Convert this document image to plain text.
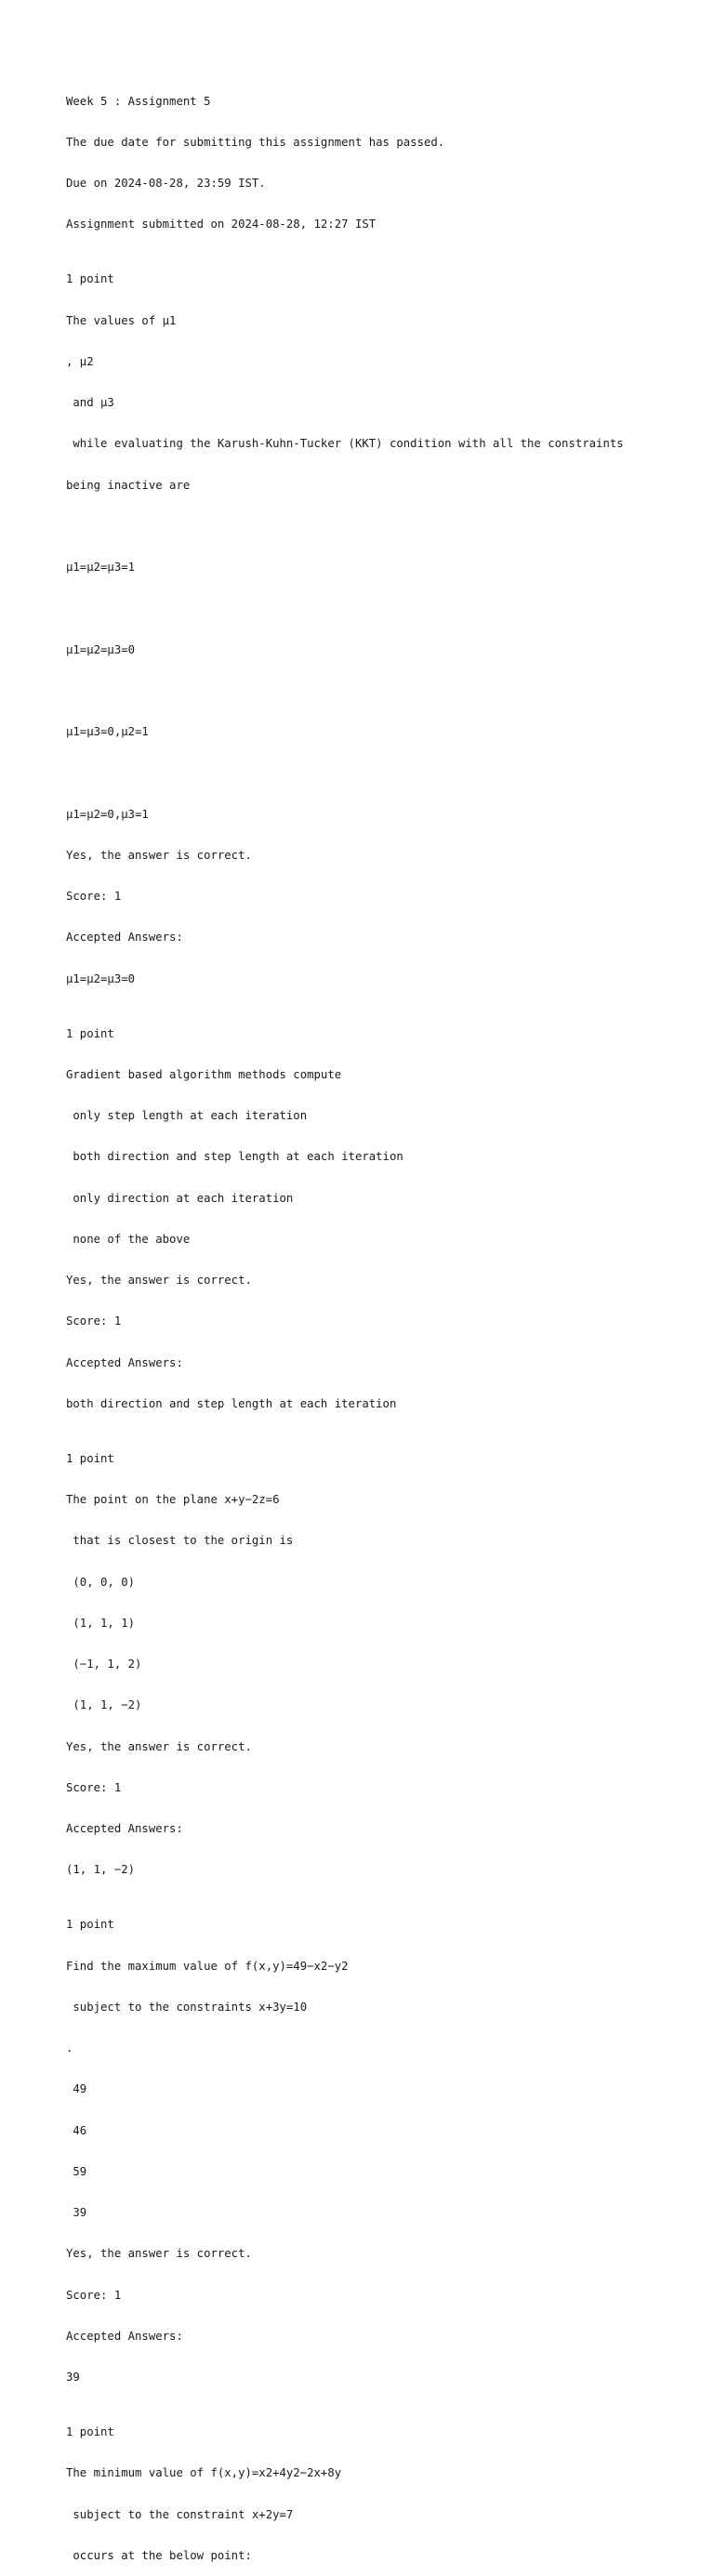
Week 5 : Assignment 5

The due date for submitting this assignment has passed.

Due on 2024-08-28, 23:59 IST.

Assignment submitted on 2024-08-28, 12:27 IST

1 point

The values of μ1

, μ2

and μ3

while evaluating the Karush-Kuhn-Tucker (KKT) condition with all the constraints

being inactive are

μ1=μ2=μ3=1

μ1=μ2=μ3=0

μ1=μ3=0,μ2=1

μ1=μ2=0,μ3=1

Yes, the answer is correct.

Score: 1

Accepted Answers:

μ1=μ2=μ3=0

1 point

Gradient based algorithm methods compute

only step length at each iteration

both direction and step length at each iteration

only direction at each iteration

none of the above

Yes, the answer is correct.

Score: 1

Accepted Answers:

both direction and step length at each iteration

1 point

The point on the plane x+y−2z=6

that is closest to the origin is

(0, 0, 0)

(1, 1, 1)

(−1, 1, 2)

(1, 1, −2)

Yes, the answer is correct.

Score: 1

Accepted Answers:

(1, 1, −2)

1 point

Find the maximum value of f(x,y)=49−x2−y2

subject to the constraints x+3y=10

.

49

46

59

39

Yes, the answer is correct.

Score: 1

Accepted Answers:

39

1 point

The minimum value of f(x,y)=x2+4y2−2x+8y

subject to the constraint x+2y=7

occurs at the below point:
